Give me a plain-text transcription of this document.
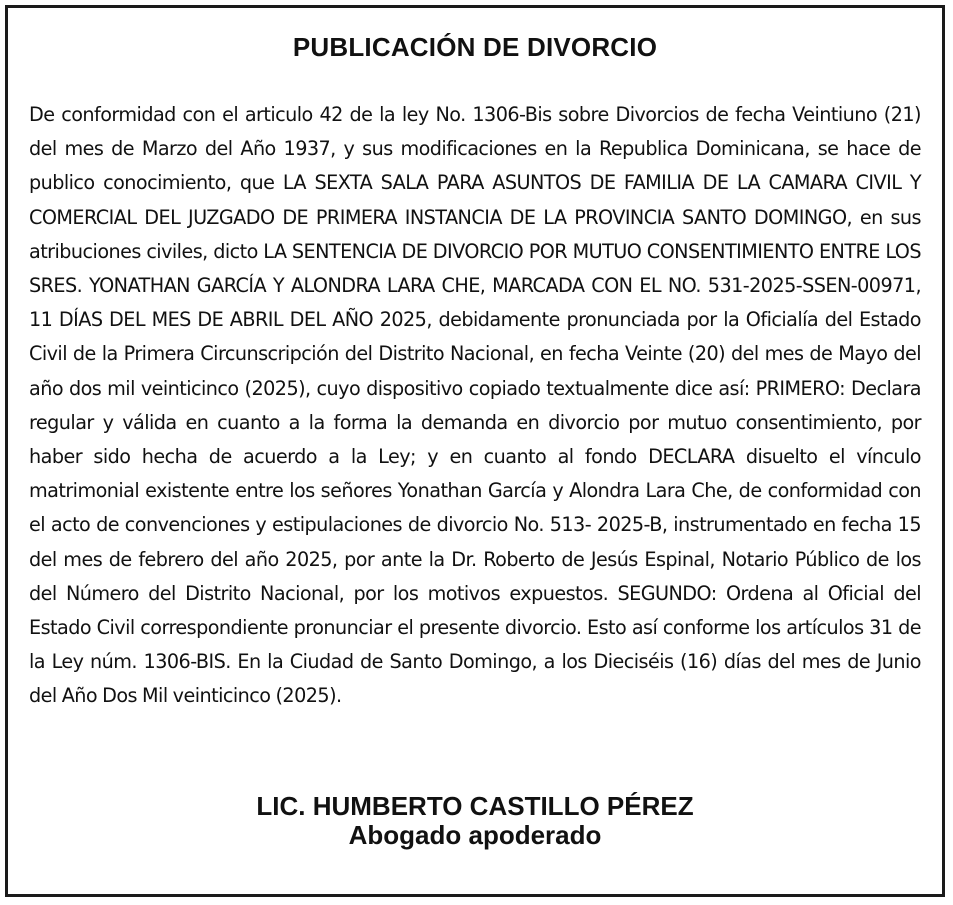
PUBLICACIÓN DE DIVORCIO

De conformidad con el articulo 42 de la ley No. 1306-Bis sobre Divorcios de fecha Veintiuno (21) del mes de Marzo del Año 1937, y sus modificaciones en la Republica Dominicana, se hace de publico conocimiento, que LA SEXTA SALA PARA ASUNTOS DE FAMILIA DE LA CAMARA CIVIL Y COMERCIAL DEL JUZGADO DE PRIMERA INSTANCIA DE LA PROVINCIA SANTO DOMINGO, en sus atribuciones civiles, dicto LA SENTENCIA DE DIVORCIO POR MUTUO CONSENTIMIENTO ENTRE LOS SRES. YONATHAN GARCÍA Y ALONDRA LARA CHE, MARCADA CON EL NO. 531-2025-SSEN-00971, 11 DÍAS DEL MES DE ABRIL DEL AÑO 2025, debidamente pronunciada por la Oficialía del Estado Civil de la Primera Circunscripción del Distrito Nacional, en fecha Veinte (20) del mes de Mayo del año dos mil veinticinco (2025), cuyo dispositivo copiado textualmente dice así: PRIMERO: Declara regular y válida en cuanto a la forma la demanda en divorcio por mutuo consentimiento, por haber sido hecha de acuerdo a la Ley; y en cuanto al fondo DECLARA disuelto el vínculo matrimonial existente entre los señores Yonathan García y Alondra Lara Che, de conformidad con el acto de convenciones y estipulaciones de divorcio No. 513- 2025-B, instrumentado en fecha 15 del mes de febrero del año 2025, por ante la Dr. Roberto de Jesús Espinal, Notario Público de los del Número del Distrito Nacional, por los motivos expuestos. SEGUNDO: Ordena al Oficial del Estado Civil correspondiente pronunciar el presente divorcio. Esto así conforme los artículos 31 de la Ley núm. 1306-BIS. En la Ciudad de Santo Domingo, a los Dieciséis (16) días del mes de Junio del Año Dos Mil veinticinco (2025).

LIC. HUMBERTO CASTILLO PÉREZ
Abogado apoderado
